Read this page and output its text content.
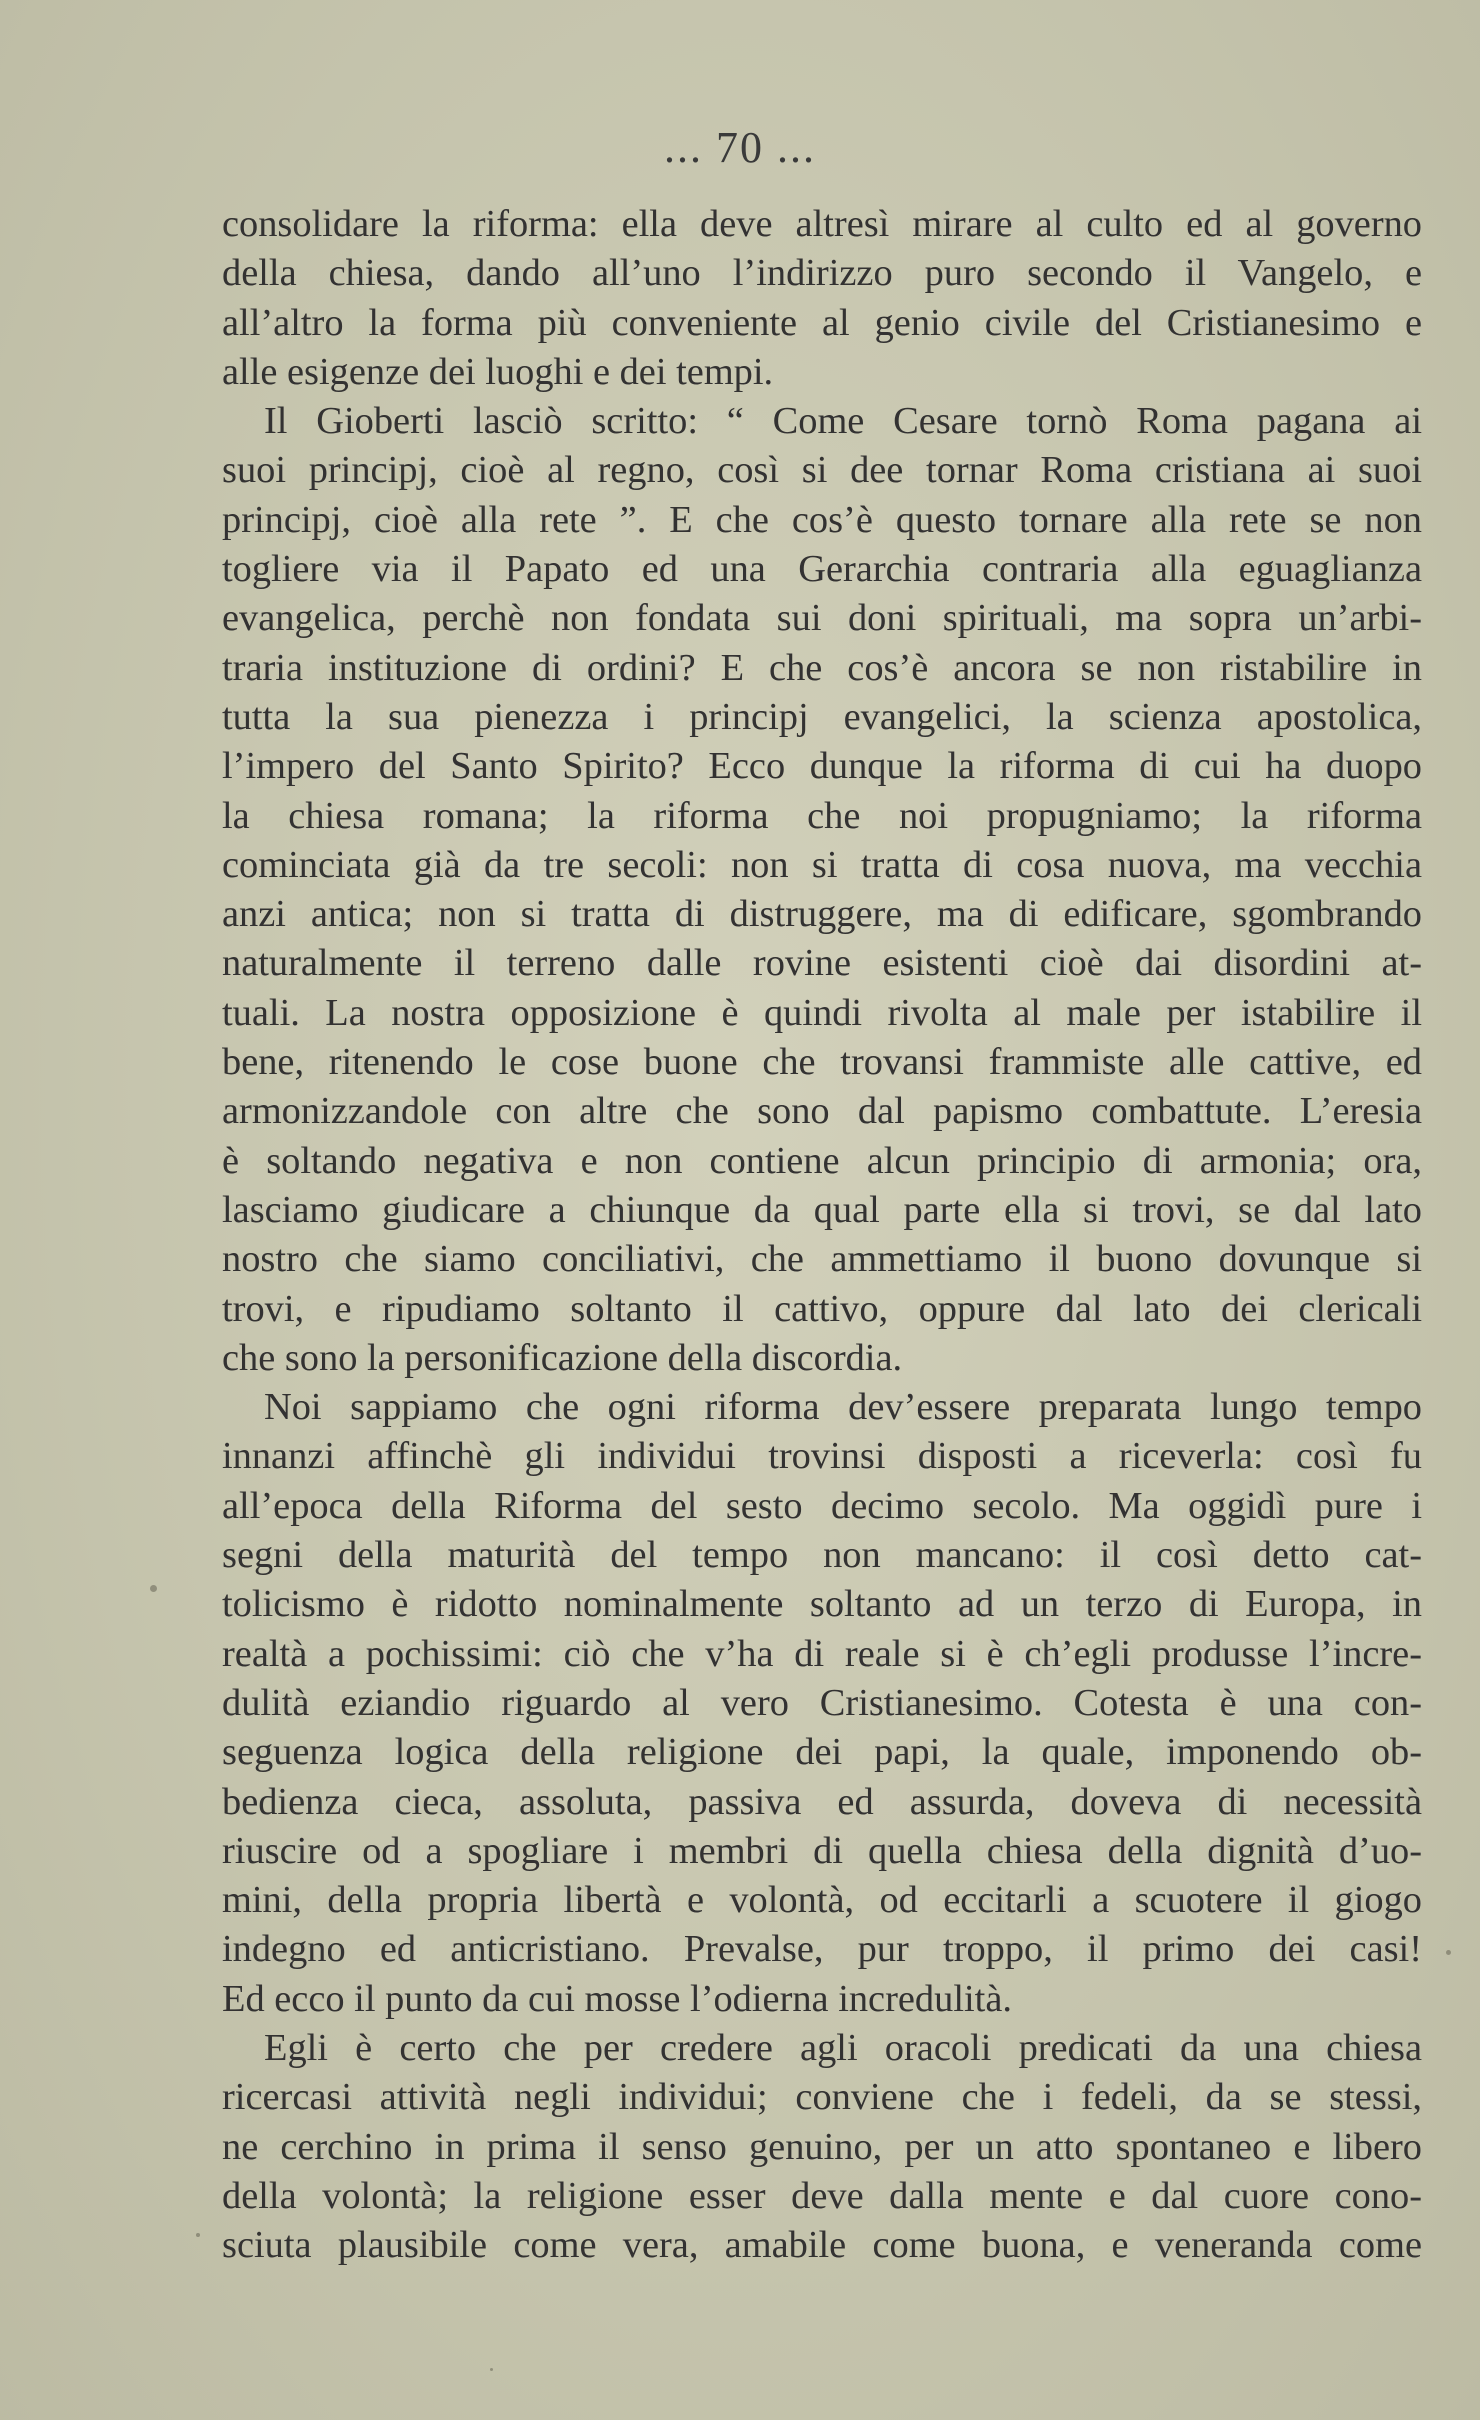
... 70 ...
consolidare la riforma: ella deve altresì mirare al culto ed al governo
della chiesa, dando all’uno l’indirizzo puro secondo il Vangelo, e
all’altro la forma più conveniente al genio civile del Cristianesimo e
alle esigenze dei luoghi e dei tempi.
Il Gioberti lasciò scritto: “ Come Cesare tornò Roma pagana ai
suoi principj, cioè al regno, così si dee tornar Roma cristiana ai suoi
principj, cioè alla rete ”. E che cos’è questo tornare alla rete se non
togliere via il Papato ed una Gerarchia contraria alla eguaglianza
evangelica, perchè non fondata sui doni spirituali, ma sopra un’arbi-
traria instituzione di ordini? E che cos’è ancora se non ristabilire in
tutta la sua pienezza i principj evangelici, la scienza apostolica,
l’impero del Santo Spirito? Ecco dunque la riforma di cui ha duopo
la chiesa romana; la riforma che noi propugniamo; la riforma
cominciata già da tre secoli: non si tratta di cosa nuova, ma vecchia
anzi antica; non si tratta di distruggere, ma di edificare, sgombrando
naturalmente il terreno dalle rovine esistenti cioè dai disordini at-
tuali. La nostra opposizione è quindi rivolta al male per istabilire il
bene, ritenendo le cose buone che trovansi frammiste alle cattive, ed
armonizzandole con altre che sono dal papismo combattute. L’eresia
è soltando negativa e non contiene alcun principio di armonia; ora,
lasciamo giudicare a chiunque da qual parte ella si trovi, se dal lato
nostro che siamo conciliativi, che ammettiamo il buono dovunque si
trovi, e ripudiamo soltanto il cattivo, oppure dal lato dei clericali
che sono la personificazione della discordia.
Noi sappiamo che ogni riforma dev’essere preparata lungo tempo
innanzi affinchè gli individui trovinsi disposti a riceverla: così fu
all’epoca della Riforma del sesto decimo secolo. Ma oggidì pure i
segni della maturità del tempo non mancano: il così detto cat-
tolicismo è ridotto nominalmente soltanto ad un terzo di Europa, in
realtà a pochissimi: ciò che v’ha di reale si è ch’egli produsse l’incre-
dulità eziandio riguardo al vero Cristianesimo. Cotesta è una con-
seguenza logica della religione dei papi, la quale, imponendo ob-
bedienza cieca, assoluta, passiva ed assurda, doveva di necessità
riuscire od a spogliare i membri di quella chiesa della dignità d’uo-
mini, della propria libertà e volontà, od eccitarli a scuotere il giogo
indegno ed anticristiano. Prevalse, pur troppo, il primo dei casi!
Ed ecco il punto da cui mosse l’odierna incredulità.
Egli è certo che per credere agli oracoli predicati da una chiesa
ricercasi attività negli individui; conviene che i fedeli, da se stessi,
ne cerchino in prima il senso genuino, per un atto spontaneo e libero
della volontà; la religione esser deve dalla mente e dal cuore cono-
sciuta plausibile come vera, amabile come buona, e veneranda come
